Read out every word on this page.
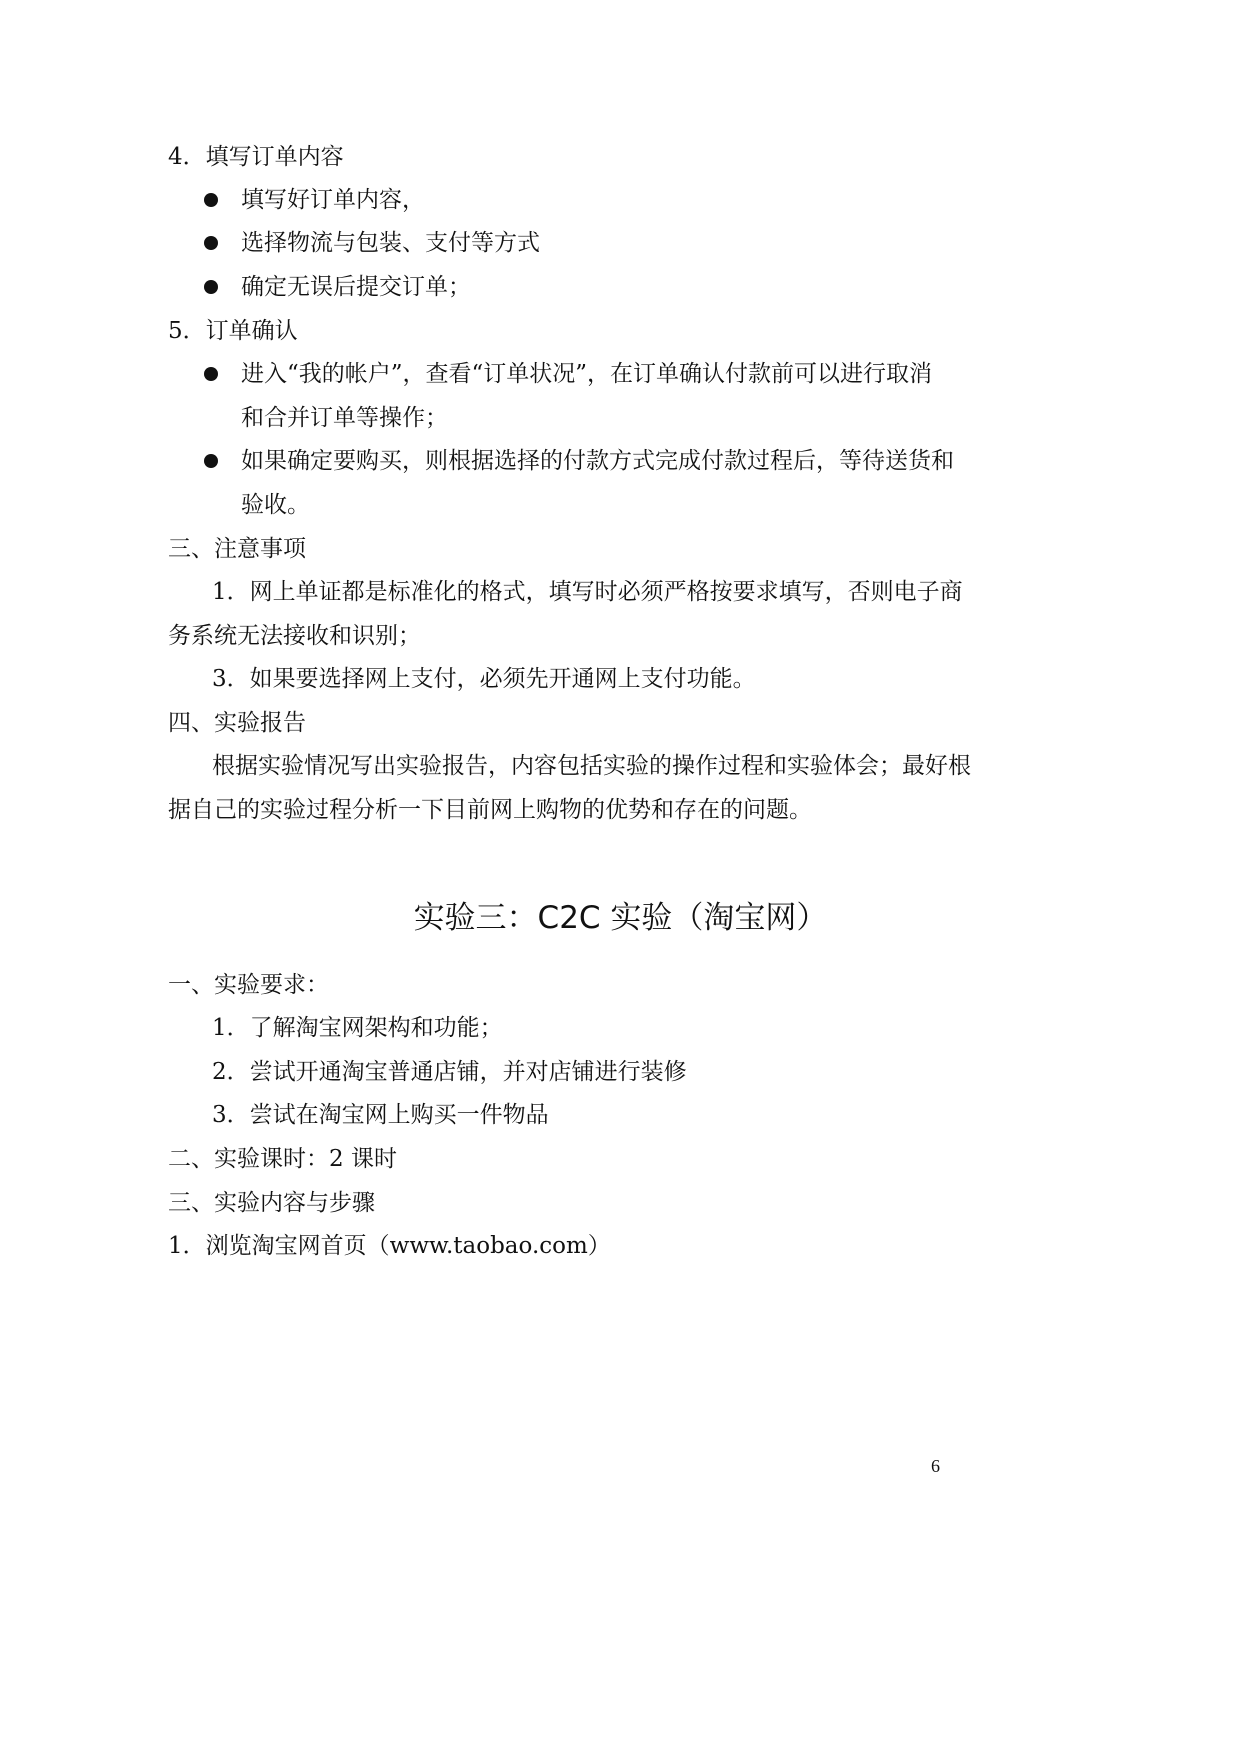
4．填写订单内容
填写好订单内容，
选择物流与包装、支付等方式
确定无误后提交订单；
5．订单确认
进入“我的帐户”，查看“订单状况”，在订单确认付款前可以进行取消
和合并订单等操作；
如果确定要购买，则根据选择的付款方式完成付款过程后，等待送货和
验收。
三、注意事项
1．网上单证都是标准化的格式，填写时必须严格按要求填写，否则电子商
务系统无法接收和识别；
3．如果要选择网上支付，必须先开通网上支付功能。
四、实验报告
根据实验情况写出实验报告，内容包括实验的操作过程和实验体会；最好根
据自己的实验过程分析一下目前网上购物的优势和存在的问题。
实验三：C2C 实验（淘宝网）
一、实验要求：
1．了解淘宝网架构和功能；
2．尝试开通淘宝普通店铺，并对店铺进行装修
3．尝试在淘宝网上购买一件物品
二、实验课时：2 课时
三、实验内容与步骤
1．浏览淘宝网首页（www.taobao.com）
6
